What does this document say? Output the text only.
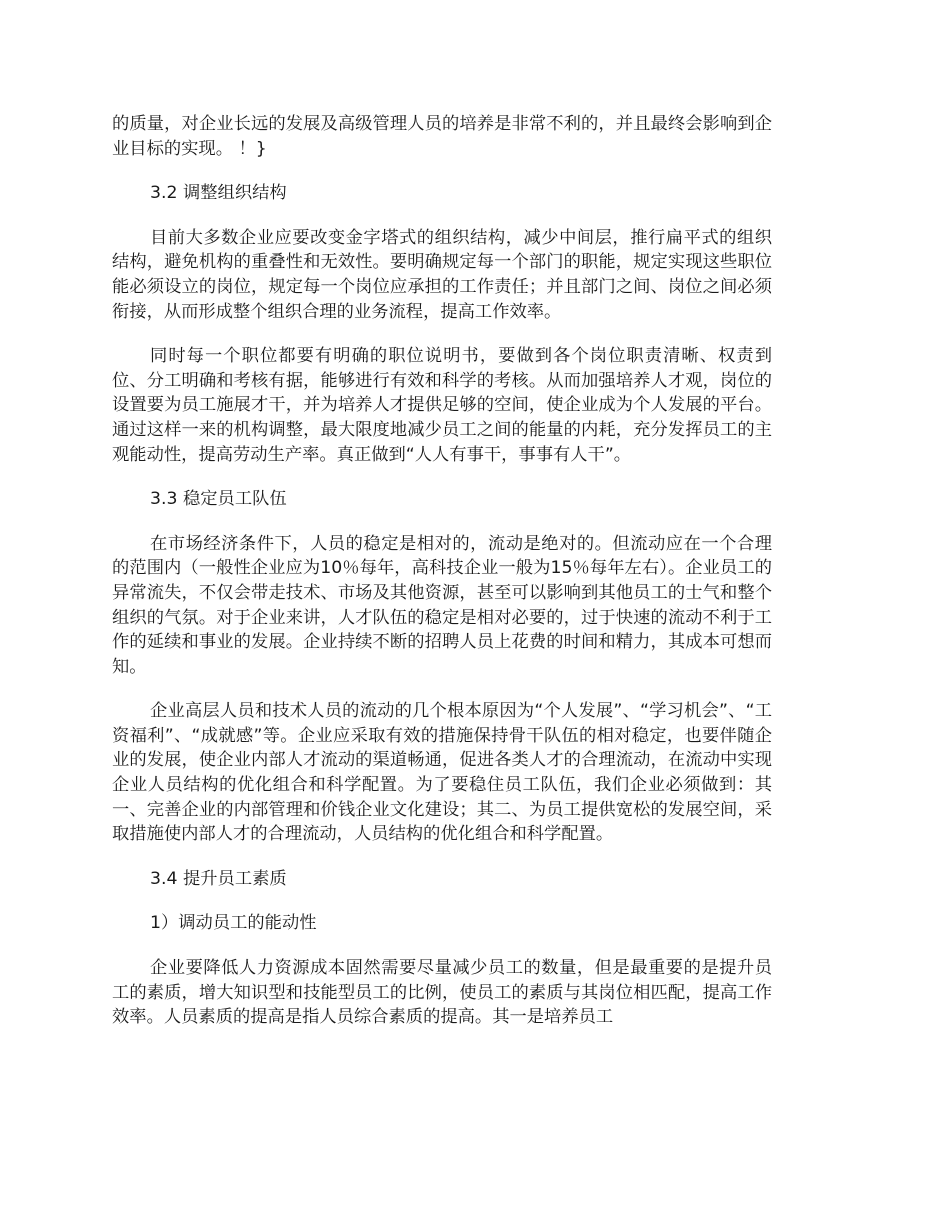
的质量，对企业长远的发展及高级管理人员的培养是非常不利的，并且最终会影响到企业目标的实现。 ！}

3.2 调整组织结构

目前大多数企业应要改变金字塔式的组织结构，减少中间层，推行扁平式的组织结构，避免机构的重叠性和无效性。要明确规定每一个部门的职能，规定实现这些职位能必须设立的岗位，规定每一个岗位应承担的工作责任；并且部门之间、岗位之间必须衔接，从而形成整个组织合理的业务流程，提高工作效率。

同时每一个职位都要有明确的职位说明书，要做到各个岗位职责清晰、权责到位、分工明确和考核有据，能够进行有效和科学的考核。从而加强培养人才观，岗位的设置要为员工施展才干，并为培养人才提供足够的空间，使企业成为个人发展的平台。通过这样一来的机构调整，最大限度地减少员工之间的能量的内耗，充分发挥员工的主观能动性，提高劳动生产率。真正做到“人人有事干，事事有人干”。

3.3 稳定员工队伍

在市场经济条件下，人员的稳定是相对的，流动是绝对的。但流动应在一个合理的范围内（一般性企业应为10％每年，高科技企业一般为15％每年左右）。企业员工的异常流失，不仅会带走技术、市场及其他资源，甚至可以影响到其他员工的士气和整个组织的气氛。对于企业来讲，人才队伍的稳定是相对必要的，过于快速的流动不利于工作的延续和事业的发展。企业持续不断的招聘人员上花费的时间和精力，其成本可想而知。

企业高层人员和技术人员的流动的几个根本原因为“个人发展”、“学习机会”、“工资福利”、“成就感”等。企业应采取有效的措施保持骨干队伍的相对稳定，也要伴随企业的发展，使企业内部人才流动的渠道畅通，促进各类人才的合理流动，在流动中实现企业人员结构的优化组合和科学配置。为了要稳住员工队伍，我们企业必须做到：其一、完善企业的内部管理和价钱企业文化建设；其二、为员工提供宽松的发展空间，采取措施使内部人才的合理流动，人员结构的优化组合和科学配置。

3.4 提升员工素质

1）调动员工的能动性

企业要降低人力资源成本固然需要尽量减少员工的数量，但是最重要的是提升员工的素质，增大知识型和技能型员工的比例，使员工的素质与其岗位相匹配，提高工作效率。人员素质的提高是指人员综合素质的提高。其一是培养员工
